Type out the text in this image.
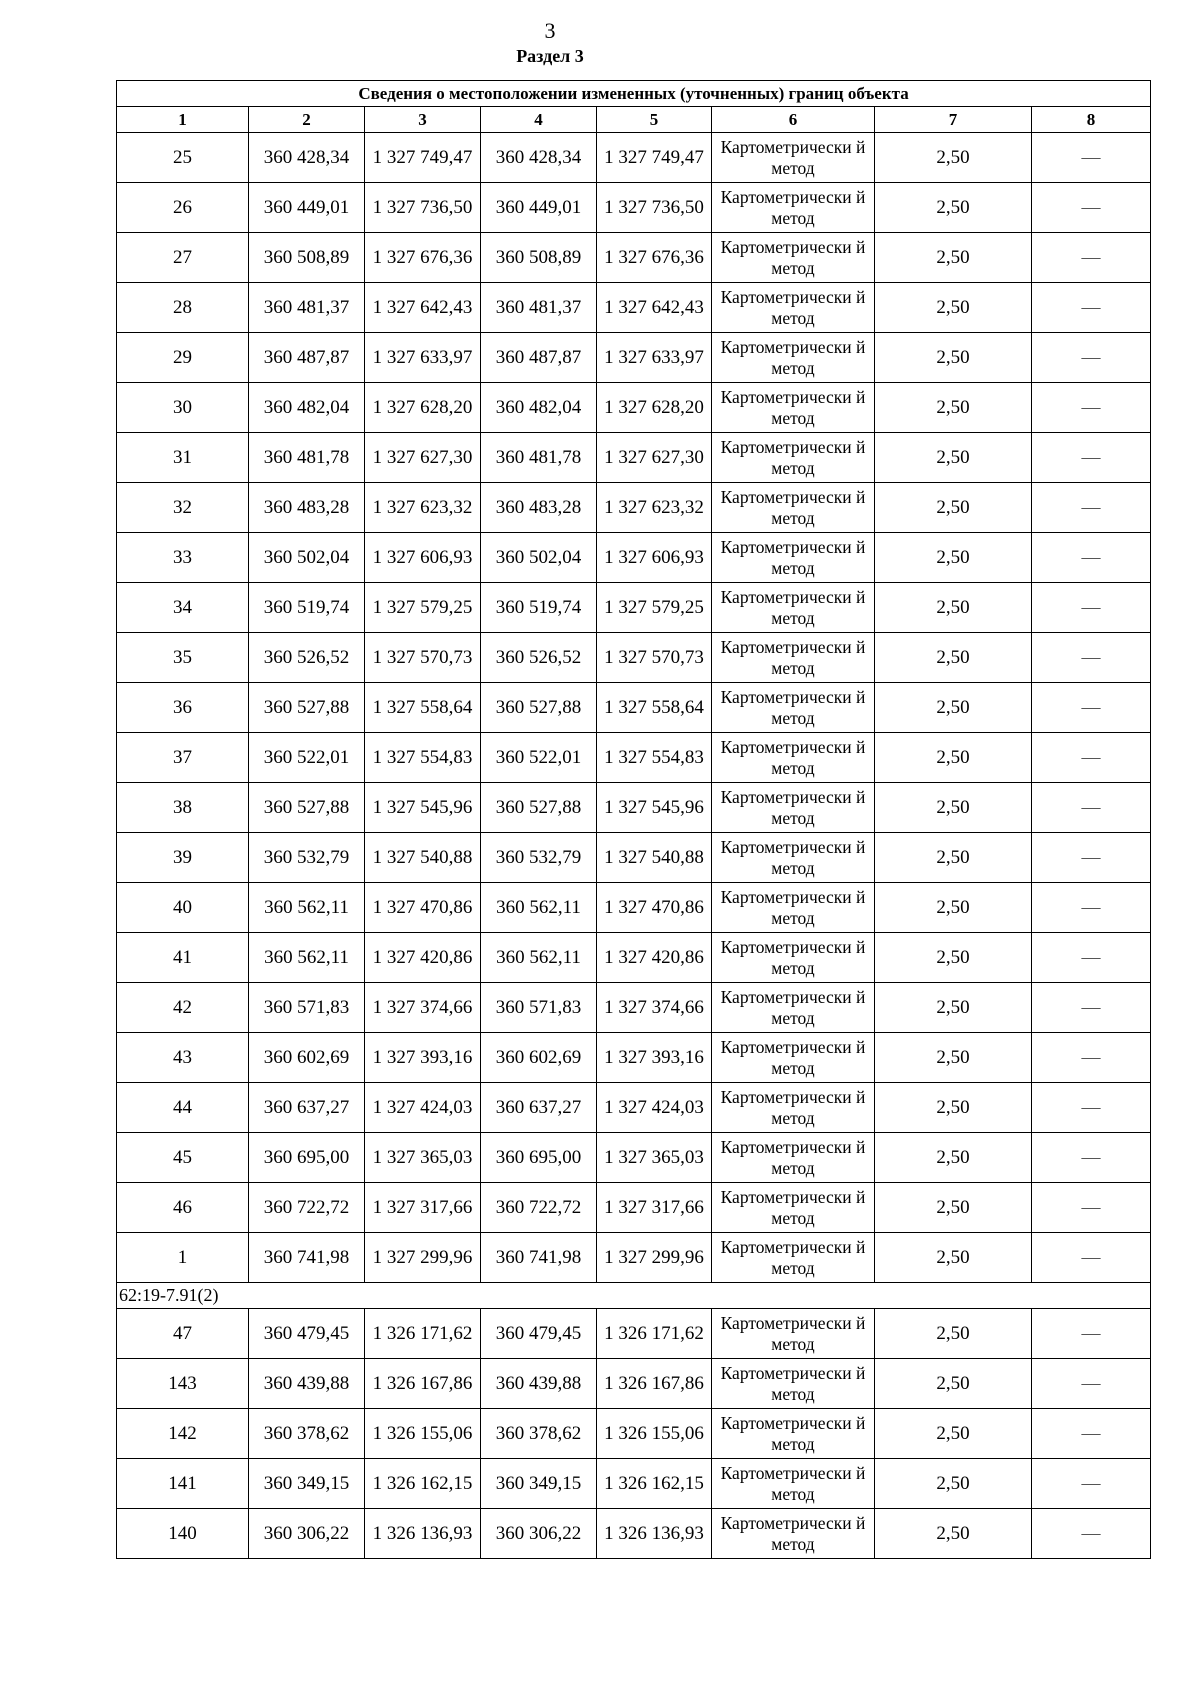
3
Раздел 3
Сведения о местоположении измененных (уточненных) границ объекта							
1	2	3	4	5	6	7	8
25	360 428,34	1 327 749,47	360 428,34	1 327 749,47	Картометрически й метод	2,50	—
26	360 449,01	1 327 736,50	360 449,01	1 327 736,50	Картометрически й метод	2,50	—
27	360 508,89	1 327 676,36	360 508,89	1 327 676,36	Картометрически й метод	2,50	—
28	360 481,37	1 327 642,43	360 481,37	1 327 642,43	Картометрически й метод	2,50	—
29	360 487,87	1 327 633,97	360 487,87	1 327 633,97	Картометрически й метод	2,50	—
30	360 482,04	1 327 628,20	360 482,04	1 327 628,20	Картометрически й метод	2,50	—
31	360 481,78	1 327 627,30	360 481,78	1 327 627,30	Картометрически й метод	2,50	—
32	360 483,28	1 327 623,32	360 483,28	1 327 623,32	Картометрически й метод	2,50	—
33	360 502,04	1 327 606,93	360 502,04	1 327 606,93	Картометрически й метод	2,50	—
34	360 519,74	1 327 579,25	360 519,74	1 327 579,25	Картометрически й метод	2,50	—
35	360 526,52	1 327 570,73	360 526,52	1 327 570,73	Картометрически й метод	2,50	—
36	360 527,88	1 327 558,64	360 527,88	1 327 558,64	Картометрически й метод	2,50	—
37	360 522,01	1 327 554,83	360 522,01	1 327 554,83	Картометрически й метод	2,50	—
38	360 527,88	1 327 545,96	360 527,88	1 327 545,96	Картометрически й метод	2,50	—
39	360 532,79	1 327 540,88	360 532,79	1 327 540,88	Картометрически й метод	2,50	—
40	360 562,11	1 327 470,86	360 562,11	1 327 470,86	Картометрически й метод	2,50	—
41	360 562,11	1 327 420,86	360 562,11	1 327 420,86	Картометрически й метод	2,50	—
42	360 571,83	1 327 374,66	360 571,83	1 327 374,66	Картометрически й метод	2,50	—
43	360 602,69	1 327 393,16	360 602,69	1 327 393,16	Картометрически й метод	2,50	—
44	360 637,27	1 327 424,03	360 637,27	1 327 424,03	Картометрически й метод	2,50	—
45	360 695,00	1 327 365,03	360 695,00	1 327 365,03	Картометрически й метод	2,50	—
46	360 722,72	1 327 317,66	360 722,72	1 327 317,66	Картометрически й метод	2,50	—
1	360 741,98	1 327 299,96	360 741,98	1 327 299,96	Картометрически й метод	2,50	—
62:19-7.91(2)							
47	360 479,45	1 326 171,62	360 479,45	1 326 171,62	Картометрически й метод	2,50	—
143	360 439,88	1 326 167,86	360 439,88	1 326 167,86	Картометрически й метод	2,50	—
142	360 378,62	1 326 155,06	360 378,62	1 326 155,06	Картометрически й метод	2,50	—
141	360 349,15	1 326 162,15	360 349,15	1 326 162,15	Картометрически й метод	2,50	—
140	360 306,22	1 326 136,93	360 306,22	1 326 136,93	Картометрически й метод	2,50	—
